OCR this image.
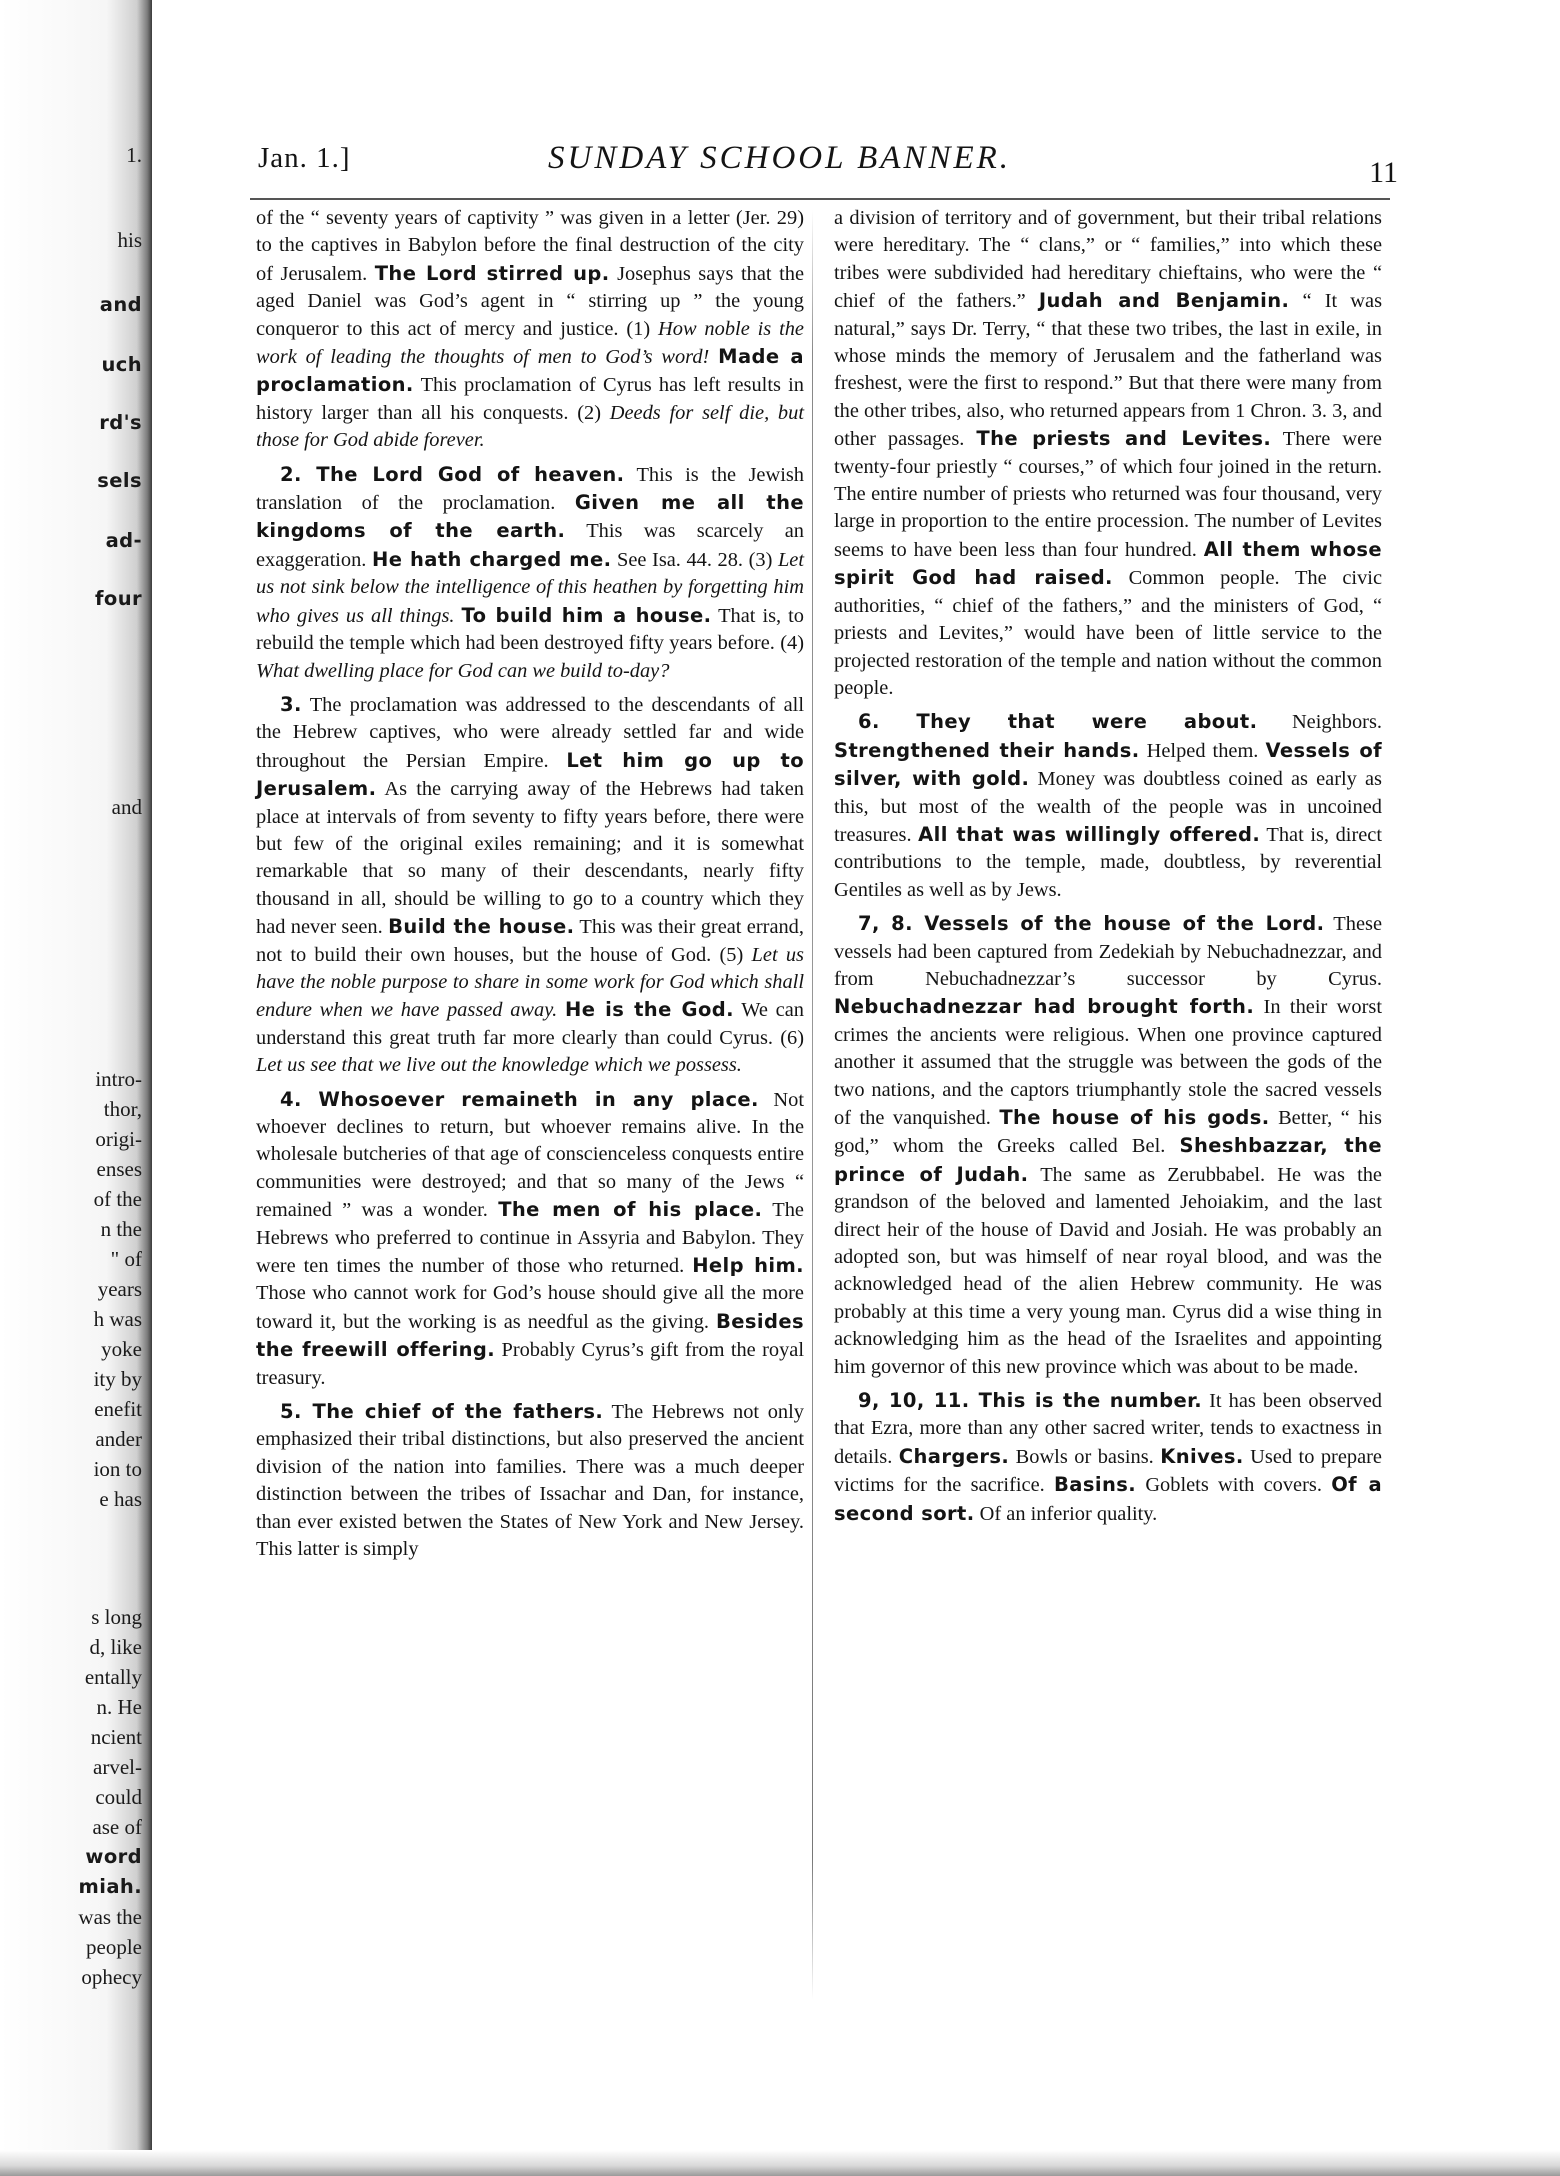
1.
his
and
uch
rd's
sels
ad-
four
and
intro-
thor,
origi-
enses
of the
n the
" of
years
h was
yoke
ity by
enefit
ander
ion to
e has
s long
d, like
entally
n. He
ncient
arvel-
could
ase of
word
miah.
was the
people
ophecy
Jan. 1.]	SUNDAY SCHOOL BANNER.	11

of the “ seventy years of captivity ” was given in a letter (Jer. 29) to the captives in Babylon before the final destruction of the city of Jerusalem. The Lord stirred up. Josephus says that the aged Daniel was God’s agent in “ stirring up ” the young conqueror to this act of mercy and justice. (1) How noble is the work of leading the thoughts of men to God’s word! Made a proclamation. This proclamation of Cyrus has left results in history larger than all his conquests. (2) Deeds for self die, but those for God abide forever.

2. The Lord God of heaven. This is the Jewish translation of the proclamation. Given me all the kingdoms of the earth. This was scarcely an exaggeration. He hath charged me. See Isa. 44. 28. (3) Let us not sink below the intelligence of this heathen by forgetting him who gives us all things. To build him a house. That is, to rebuild the temple which had been destroyed fifty years before. (4) What dwelling place for God can we build to-day?

3. The proclamation was addressed to the descendants of all the Hebrew captives, who were already settled far and wide throughout the Persian Empire. Let him go up to Jerusalem. As the carrying away of the Hebrews had taken place at intervals of from seventy to fifty years before, there were but few of the original exiles remaining; and it is somewhat remarkable that so many of their descendants, nearly fifty thousand in all, should be willing to go to a country which they had never seen. Build the house. This was their great errand, not to build their own houses, but the house of God. (5) Let us have the noble purpose to share in some work for God which shall endure when we have passed away. He is the God. We can understand this great truth far more clearly than could Cyrus. (6) Let us see that we live out the knowledge which we possess.

4. Whosoever remaineth in any place. Not whoever declines to return, but whoever remains alive. In the wholesale butcheries of that age of conscienceless conquests entire communities were destroyed; and that so many of the Jews “ remained ” was a wonder. The men of his place. The Hebrews who preferred to continue in Assyria and Babylon. They were ten times the number of those who returned. Help him. Those who cannot work for God’s house should give all the more toward it, but the working is as needful as the giving. Besides the freewill offering. Probably Cyrus’s gift from the royal treasury.

5. The chief of the fathers. The Hebrews not only emphasized their tribal distinctions, but also preserved the ancient division of the nation into families. There was a much deeper distinction between the tribes of Issachar and Dan, for instance, than ever existed betwen the States of New York and New Jersey. This latter is simply

a division of territory and of government, but their tribal relations were hereditary. The “ clans,” or “ families,” into which these tribes were subdivided had hereditary chieftains, who were the “ chief of the fathers.” Judah and Benjamin. “ It was natural,” says Dr. Terry, “ that these two tribes, the last in exile, in whose minds the memory of Jerusalem and the fatherland was freshest, were the first to respond.” But that there were many from the other tribes, also, who returned appears from 1 Chron. 3. 3, and other passages. The priests and Levites. There were twenty-four priestly “ courses,” of which four joined in the return. The entire number of priests who returned was four thousand, very large in proportion to the entire procession. The number of Levites seems to have been less than four hundred. All them whose spirit God had raised. Common people. The civic authorities, “ chief of the fathers,” and the ministers of God, “ priests and Levites,” would have been of little service to the projected restoration of the temple and nation without the common people.

6. They that were about. Neighbors. Strengthened their hands. Helped them. Vessels of silver, with gold. Money was doubtless coined as early as this, but most of the wealth of the people was in uncoined treasures. All that was willingly offered. That is, direct contributions to the temple, made, doubtless, by reverential Gentiles as well as by Jews.

7, 8. Vessels of the house of the Lord. These vessels had been captured from Zedekiah by Nebuchadnezzar, and from Nebuchadnezzar’s successor by Cyrus. Nebuchadnezzar had brought forth. In their worst crimes the ancients were religious. When one province captured another it assumed that the struggle was between the gods of the two nations, and the captors triumphantly stole the sacred vessels of the vanquished. The house of his gods. Better, “ his god,” whom the Greeks called Bel. Sheshbazzar, the prince of Judah. The same as Zerubbabel. He was the grandson of the beloved and lamented Jehoiakim, and the last direct heir of the house of David and Josiah. He was probably an adopted son, but was himself of near royal blood, and was the acknowledged head of the alien Hebrew community. He was probably at this time a very young man. Cyrus did a wise thing in acknowledging him as the head of the Israelites and appointing him governor of this new province which was about to be made.

9, 10, 11. This is the number. It has been observed that Ezra, more than any other sacred writer, tends to exactness in details. Chargers. Bowls or basins. Knives. Used to prepare victims for the sacrifice. Basins. Goblets with covers. Of a second sort. Of an inferior quality.
